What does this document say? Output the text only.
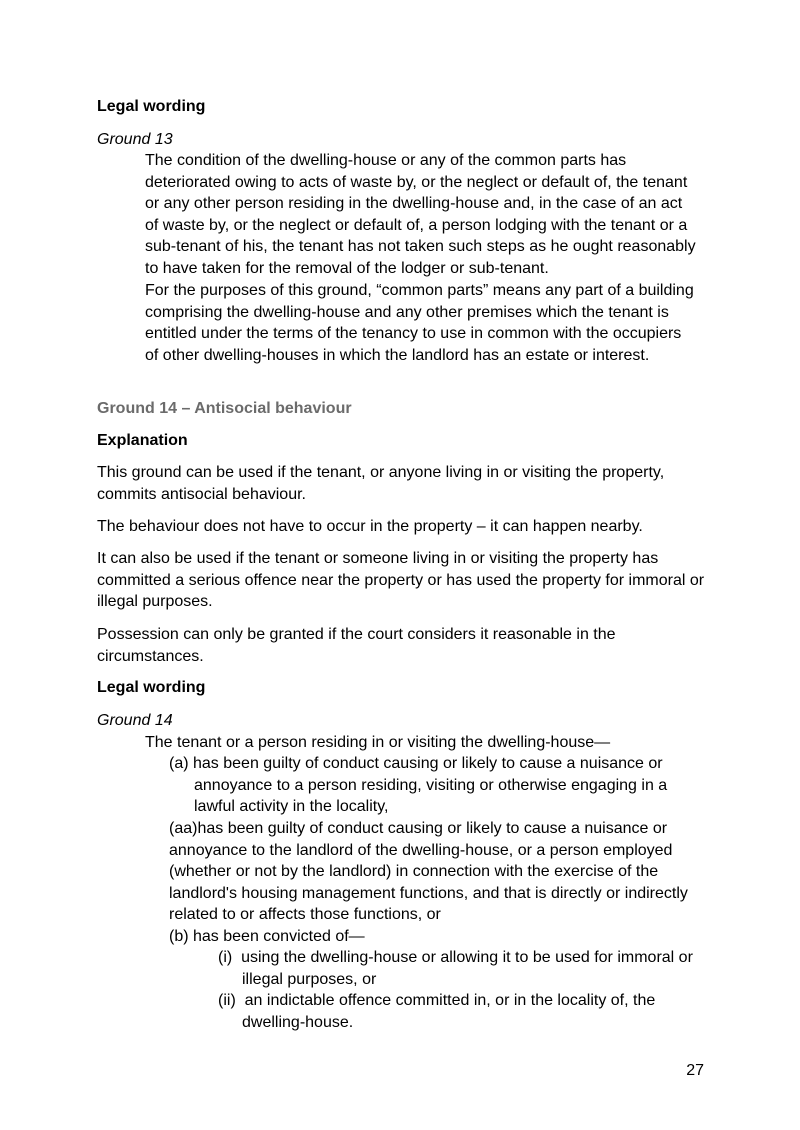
Legal wording

Ground 13

The condition of the dwelling-house or any of the common parts has
deteriorated owing to acts of waste by, or the neglect or default of, the tenant
or any other person residing in the dwelling-house and, in the case of an act
of waste by, or the neglect or default of, a person lodging with the tenant or a
sub-tenant of his, the tenant has not taken such steps as he ought reasonably
to have taken for the removal of the lodger or sub-tenant.
For the purposes of this ground, “common parts” means any part of a building
comprising the dwelling-house and any other premises which the tenant is
entitled under the terms of the tenancy to use in common with the occupiers
of other dwelling-houses in which the landlord has an estate or interest.

Ground 14 – Antisocial behaviour

Explanation

This ground can be used if the tenant, or anyone living in or visiting the property, commits antisocial behaviour.

The behaviour does not have to occur in the property – it can happen nearby.

It can also be used if the tenant or someone living in or visiting the property has committed a serious offence near the property or has used the property for immoral or illegal purposes.

Possession can only be granted if the court considers it reasonable in the circumstances.

Legal wording

Ground 14

The tenant or a person residing in or visiting the dwelling-house—

(a) has been guilty of conduct causing or likely to cause a nuisance or
annoyance to a person residing, visiting or otherwise engaging in a
lawful activity in the locality,
(aa)has been guilty of conduct causing or likely to cause a nuisance or
annoyance to the landlord of the dwelling-house, or a person employed
(whether or not by the landlord) in connection with the exercise of the
landlord's housing management functions, and that is directly or indirectly
related to or affects those functions, or

(b) has been convicted of—

(i)  using the dwelling-house or allowing it to be used for immoral or
illegal purposes, or
(ii)  an indictable offence committed in, or in the locality of, the
dwelling-house.

27
